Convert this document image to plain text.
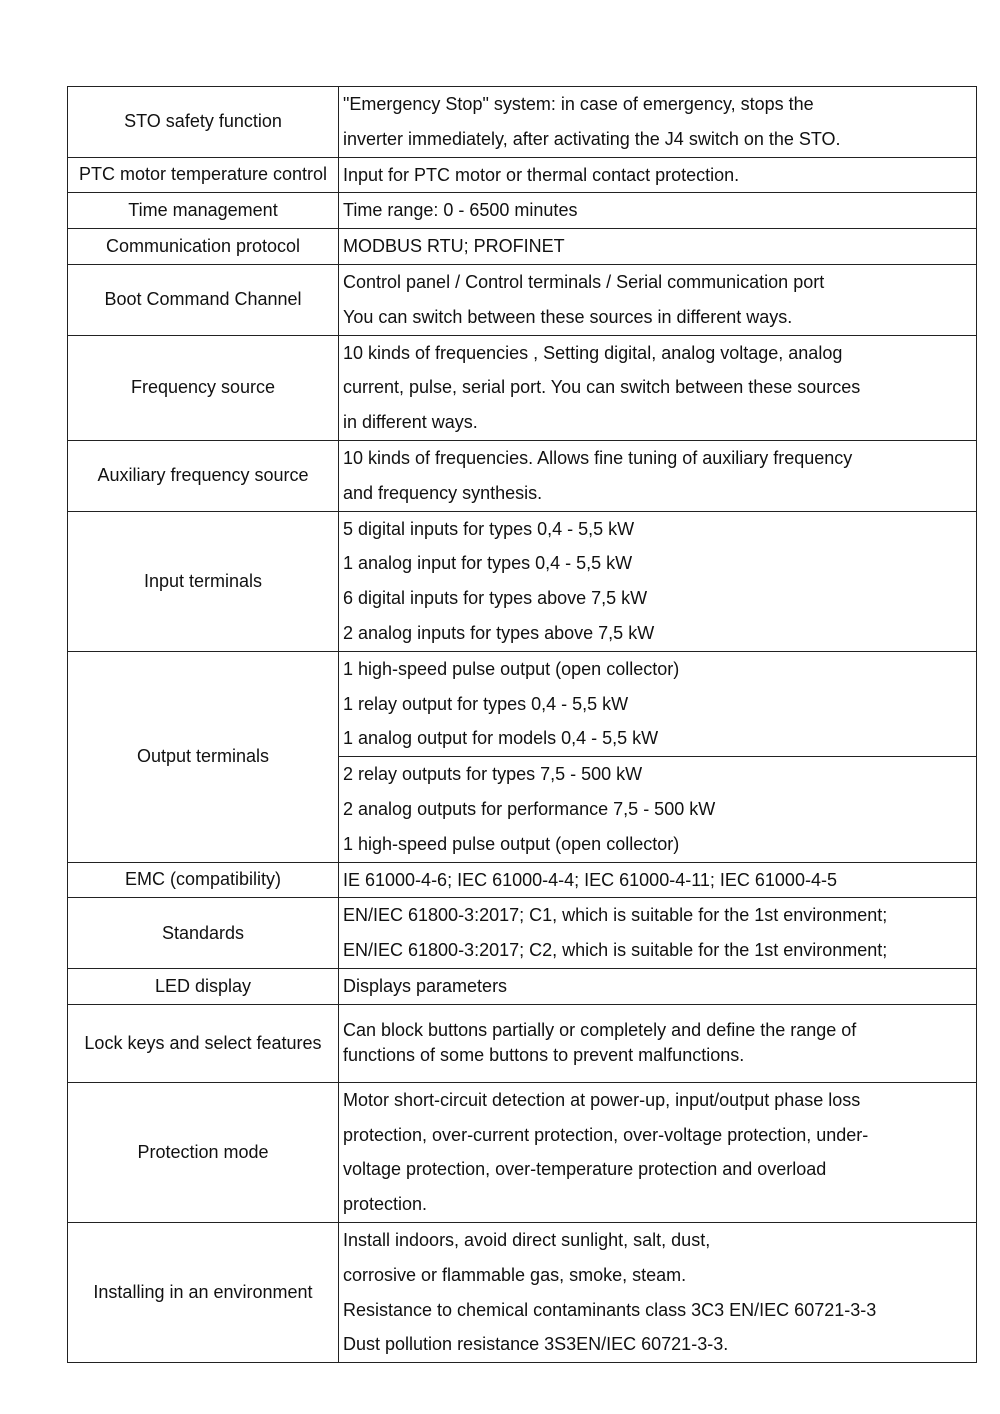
STO safety function	"Emergency Stop" system: in case of emergency, stops the
inverter immediately, after activating the J4 switch on the STO.

PTC motor temperature control	Input for PTC motor or thermal contact protection.

Time management	Time range: 0 - 6500 minutes

Communication protocol	MODBUS RTU; PROFINET

Boot Command Channel	Control panel / Control terminals / Serial communication port
You can switch between these sources in different ways.

Frequency source	10 kinds of frequencies , Setting digital, analog voltage, analog
current, pulse, serial port. You can switch between these sources
in different ways.

Auxiliary frequency source	10 kinds of frequencies. Allows fine tuning of auxiliary frequency
and frequency synthesis.

Input terminals	5 digital inputs for types 0,4 - 5,5 kW
1 analog input for types 0,4 - 5,5 kW
6 digital inputs for types above 7,5 kW
2 analog inputs for types above 7,5 kW

Output terminals	1 high-speed pulse output (open collector)
1 relay output for types 0,4 - 5,5 kW
1 analog output for models 0,4 - 5,5 kW

	2 relay outputs for types 7,5 - 500 kW
2 analog outputs for performance 7,5 - 500 kW
1 high-speed pulse output (open collector)

EMC (compatibility)	IE 61000-4-6; IEC 61000-4-4; IEC 61000-4-11; IEC 61000-4-5

Standards	EN/IEC 61800-3:2017; C1, which is suitable for the 1st environment;
EN/IEC 61800-3:2017; C2, which is suitable for the 1st environment;

LED display	Displays parameters

Lock keys and select features	Can block buttons partially or completely and define the range of
functions of some buttons to prevent malfunctions.

Protection mode	Motor short-circuit detection at power-up, input/output phase loss
protection, over-current protection, over-voltage protection, under-
voltage protection, over-temperature protection and overload
protection.

Installing in an environment	Install indoors, avoid direct sunlight, salt, dust,
corrosive or flammable gas, smoke, steam.
Resistance to chemical contaminants class 3C3 EN/IEC 60721-3-3
Dust pollution resistance 3S3EN/IEC 60721-3-3.
